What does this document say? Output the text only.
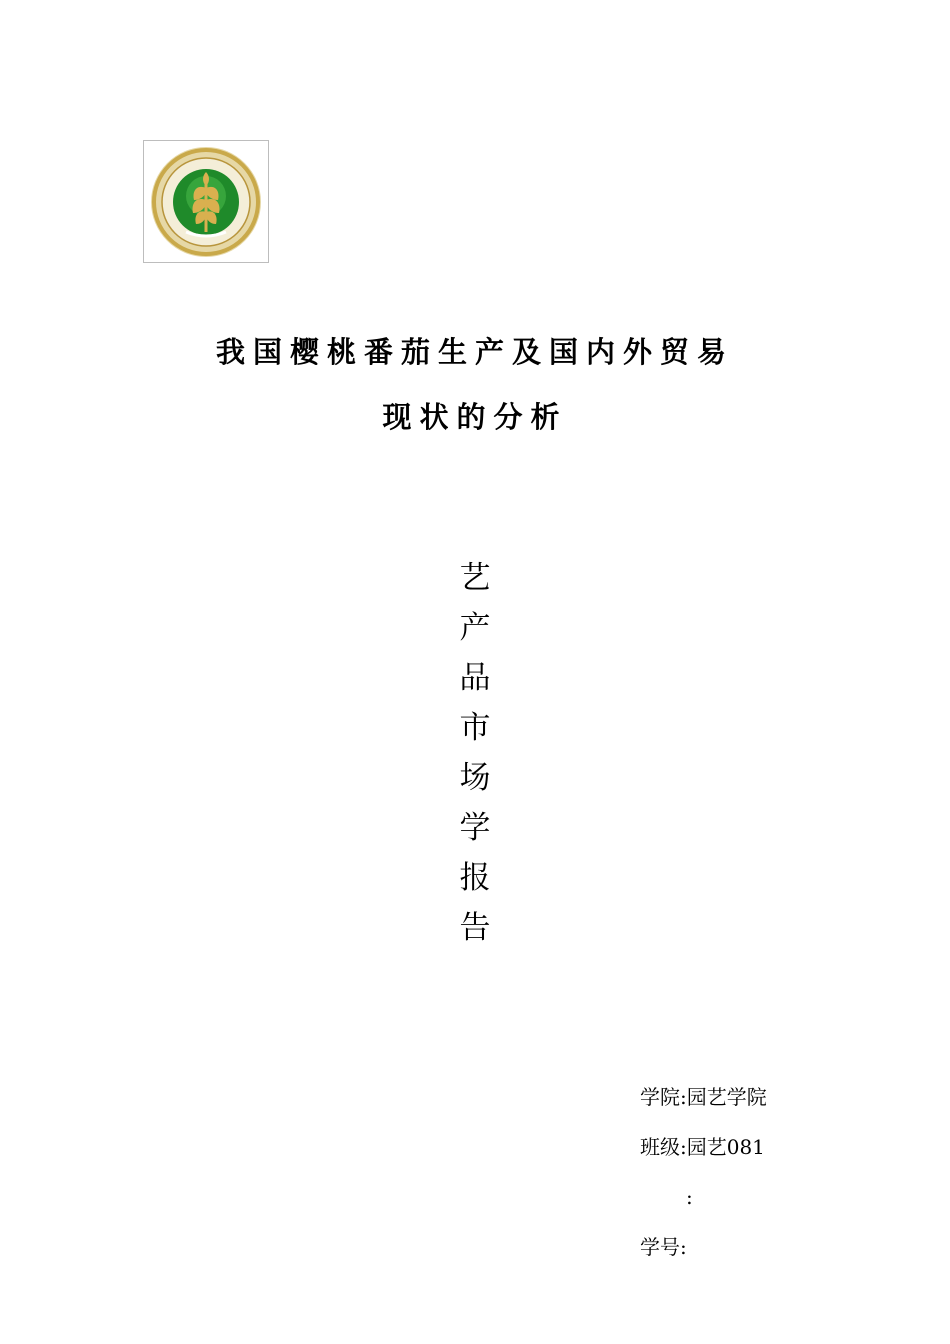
我国樱桃番茄生产及国内外贸易
现状的分析
艺
产
品
市
场
学
报
告
学院:园艺学院
班级:园艺081
:
学号:
